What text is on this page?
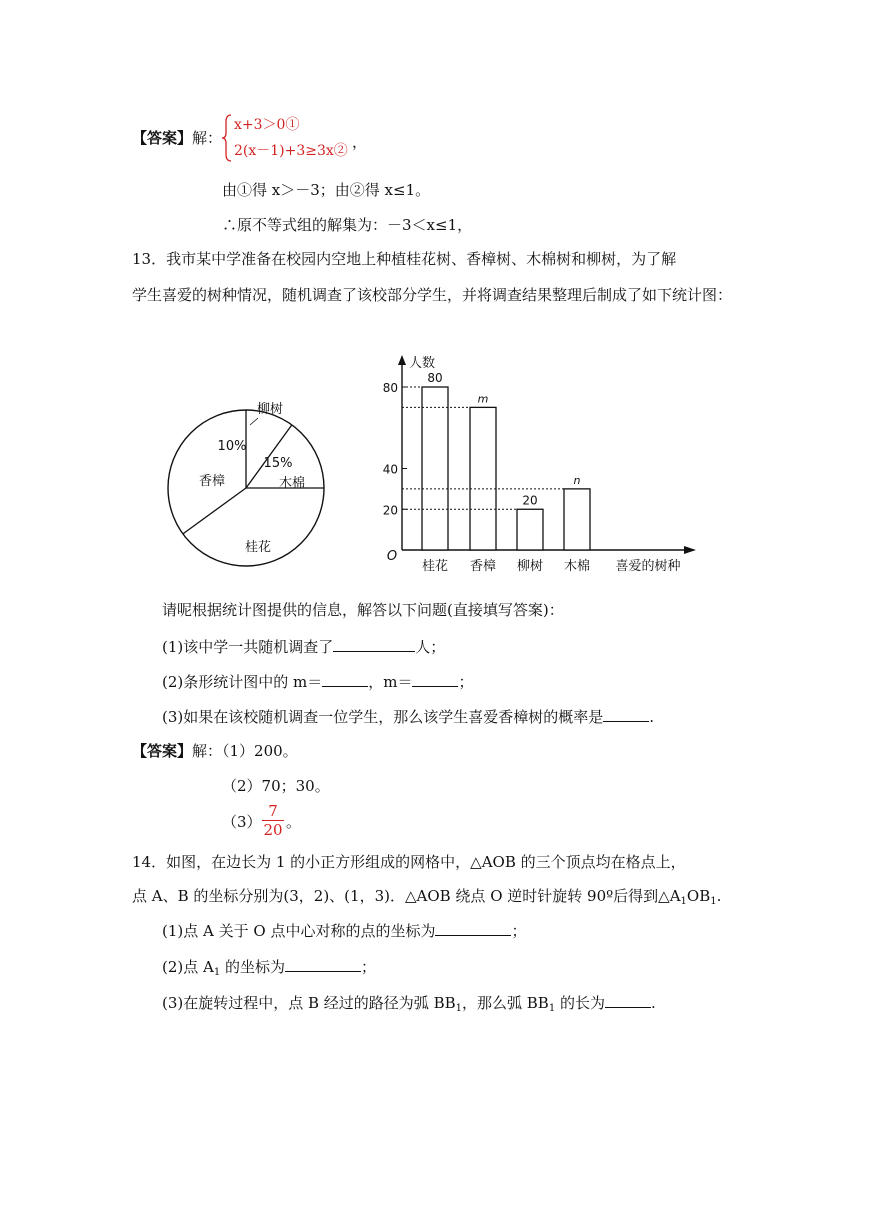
【答案】 解：
x+3＞0①
2(x－1)+3≥3x② ，
由①得 x＞－3；由②得 x≤1。
∴原不等式组的解集为：－3＜x≤1，
13．我市某中学准备在校园内空地上种植桂花树、香樟树、木棉树和柳树，为了解
学生喜爱的树种情况，随机调查了该校部分学生，并将调查结果整理后制成了如下统计图：
柳树
10%
木棉
15%
桂花
香樟
人数
O
20
40
80
80
桂花
m
香樟
20
柳树
n
木棉 喜爱的树种
请呢根据统计图提供的信息，解答以下问题(直接填写答案)：
(1)该中学一共随机调查了	人；
(2)条形统计图中的 m＝	，m＝	；
(3)如果在该校随机调查一位学生，那么该学生喜爱香樟树的概率是	.
【答案】 解：（1）200。
（2）70；30。
（3）
7
20 。
14．如图，在边长为 1 的小正方形组成的网格中，△AOB 的三个顶点均在格点上，
点 A、B 的坐标分别为(3，2)、(1，3)．△AOB 绕点 O 逆时针旋转 90º后得到$\triangle A_1OB_1$.
(1)点 A 关于 O 点中心对称的点的坐标为	；
(2)点 $A_1$ 的坐标为	；
(3)在旋转过程中，点 B 经过的路径为弧 $BB_1$，那么弧 $BB_1$ 的长为	.
